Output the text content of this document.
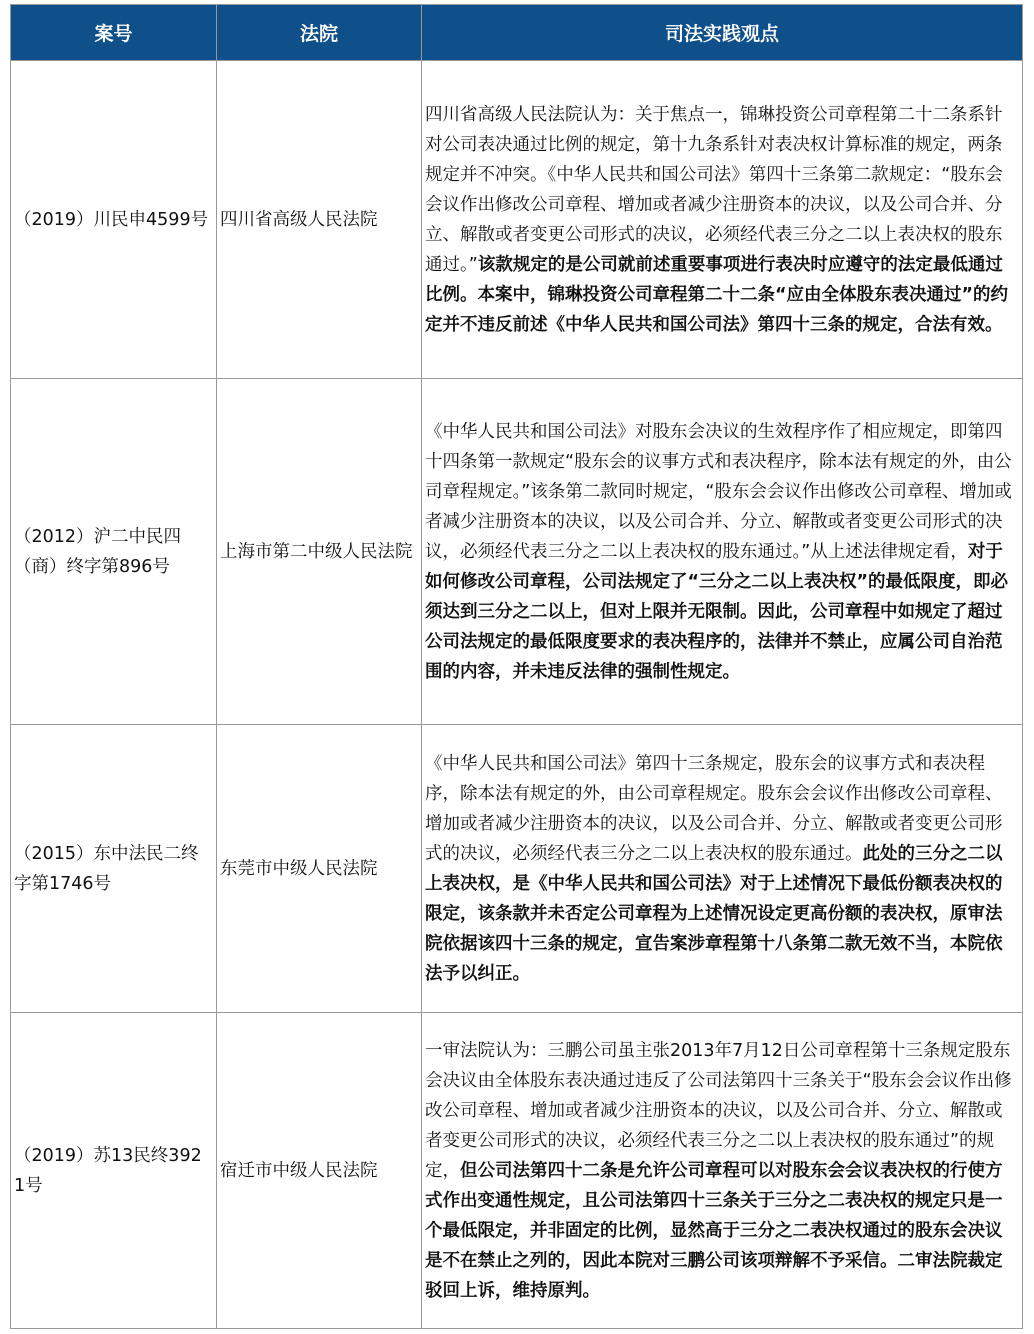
案号	法院	司法实践观点
（2019）川民申4599号	四川省高级人民法院	四川省高级人民法院认为：关于焦点一，锦琳投资公司章程第二十二条系针对公司表决通过比例的规定，第十九条系针对表决权计算标准的规定，两条规定并不冲突。《中华人民共和国公司法》第四十三条第二款规定：“股东会会议作出修改公司章程、增加或者减少注册资本的决议，以及公司合并、分立、解散或者变更公司形式的决议，必须经代表三分之二以上表决权的股东通过。”该款规定的是公司就前述重要事项进行表决时应遵守的法定最低通过比例。本案中，锦琳投资公司章程第二十二条“应由全体股东表决通过”的约定并不违反前述《中华人民共和国公司法》第四十三条的规定，合法有效。
（2012）沪二中民四（商）终字第896号	上海市第二中级人民法院	《中华人民共和国公司法》对股东会决议的生效程序作了相应规定，即第四十四条第一款规定“股东会的议事方式和表决程序，除本法有规定的外，由公司章程规定。”该条第二款同时规定，“股东会会议作出修改公司章程、增加或者减少注册资本的决议，以及公司合并、分立、解散或者变更公司形式的决议，必须经代表三分之二以上表决权的股东通过。”从上述法律规定看，对于如何修改公司章程，公司法规定了“三分之二以上表决权”的最低限度，即必须达到三分之二以上，但对上限并无限制。因此，公司章程中如规定了超过公司法规定的最低限度要求的表决程序的，法律并不禁止，应属公司自治范围的内容，并未违反法律的强制性规定。
（2015）东中法民二终字第1746号	东莞市中级人民法院	《中华人民共和国公司法》第四十三条规定，股东会的议事方式和表决程序，除本法有规定的外，由公司章程规定。股东会会议作出修改公司章程、增加或者减少注册资本的决议，以及公司合并、分立、解散或者变更公司形式的决议，必须经代表三分之二以上表决权的股东通过。此处的三分之二以上表决权，是《中华人民共和国公司法》对于上述情况下最低份额表决权的限定，该条款并未否定公司章程为上述情况设定更高份额的表决权，原审法院依据该四十三条的规定，宣告案涉章程第十八条第二款无效不当，本院依法予以纠正。
（2019）苏13民终3921号	宿迁市中级人民法院	一审法院认为：三鹏公司虽主张2013年7月12日公司章程第十三条规定股东会决议由全体股东表决通过违反了公司法第四十三条关于“股东会会议作出修改公司章程、增加或者减少注册资本的决议，以及公司合并、分立、解散或者变更公司形式的决议，必须经代表三分之二以上表决权的股东通过”的规定，但公司法第四十二条是允许公司章程可以对股东会会议表决权的行使方式作出变通性规定，且公司法第四十三条关于三分之二表决权的规定只是一个最低限定，并非固定的比例，显然高于三分之二表决权通过的股东会决议是不在禁止之列的，因此本院对三鹏公司该项辩解不予采信。二审法院裁定驳回上诉，维持原判。
